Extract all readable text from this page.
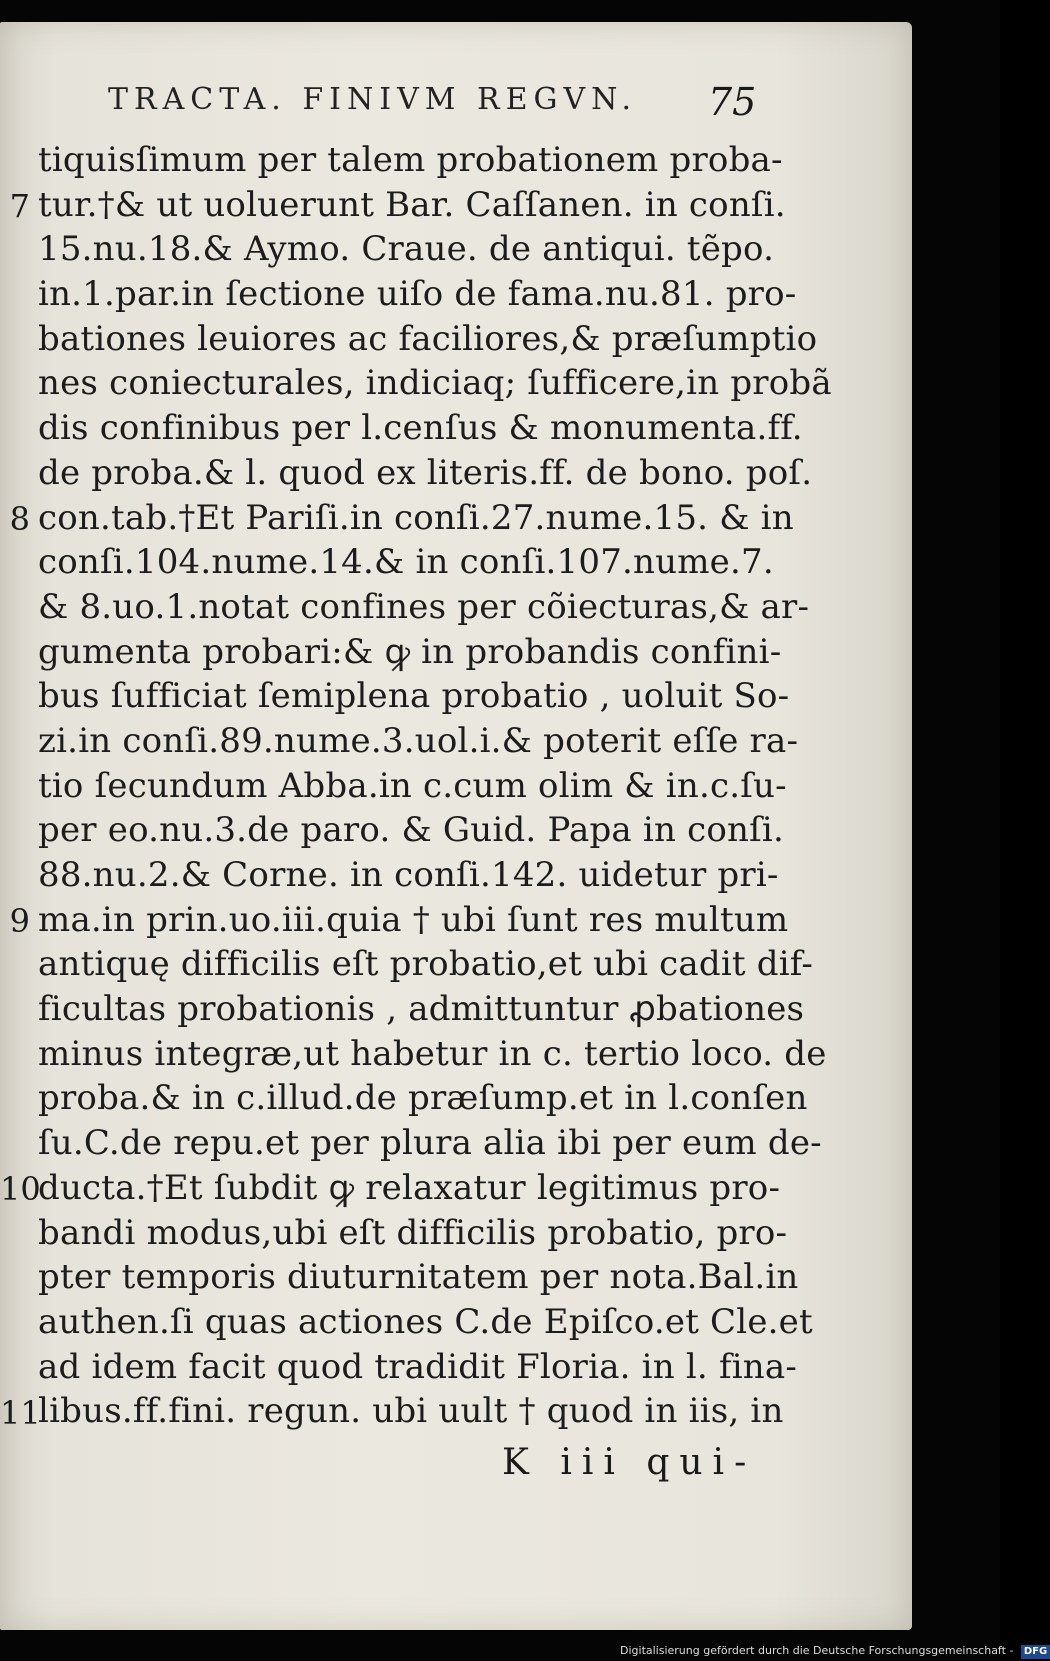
TRACTA. FINIVM REGVN.	75
tiquisſimum per talem probationem proba-
tur.†& ut uoluerunt Bar. Caſſanen. in conſi.
15.nu.18.& Aymo. Craue. de antiqui. tẽpo.
in.1.par.in ſectione uiſo de fama.nu.81. pro-
bationes leuiores ac faciliores,& præſumptio
nes coniecturales, indiciaq; ſufficere,in probã
dis confinibus per l.cenſus & monumenta.ff.
de proba.& l. quod ex literis.ff. de bono. poſ.
con.tab.†Et Pariſi.in conſi.27.nume.15. & in
conſi.104.nume.14.& in conſi.107.nume.7.
& 8.uo.1.notat confines per cõiecturas,& ar-
gumenta probari:& ꝙ in probandis confini-
bus ſufficiat ſemiplena probatio , uoluit So-
zi.in conſi.89.nume.3.uol.i.& poterit eſſe ra-
tio ſecundum Abba.in c.cum olim & in.c.ſu-
per eo.nu.3.de paro. & Guid. Papa in conſi.
88.nu.2.& Corne. in conſi.142. uidetur pri-
ma.in prin.uo.iii.quia † ubi ſunt res multum
antiquę difficilis eſt probatio,et ubi cadit dif-
ficultas probationis , admittuntur ꝓbationes
minus integræ,ut habetur in c. tertio loco. de
proba.& in c.illud.de præſump.et in l.conſen
ſu.C.de repu.et per plura alia ibi per eum de-
ducta.†Et ſubdit ꝙ relaxatur legitimus pro-
bandi modus,ubi eſt difficilis probatio, pro-
pter temporis diuturnitatem per nota.Bal.in
authen.ſi quas actiones C.de Epiſco.et Cle.et
ad idem facit quod tradidit Floria. in l. fina-
libus.ff.fini. regun. ubi uult † quod in iis, in
K iii qui-
7
8
9
10
11
Digitalisierung gefördert durch die Deutsche Forschungsgemeinschaft - DFG
